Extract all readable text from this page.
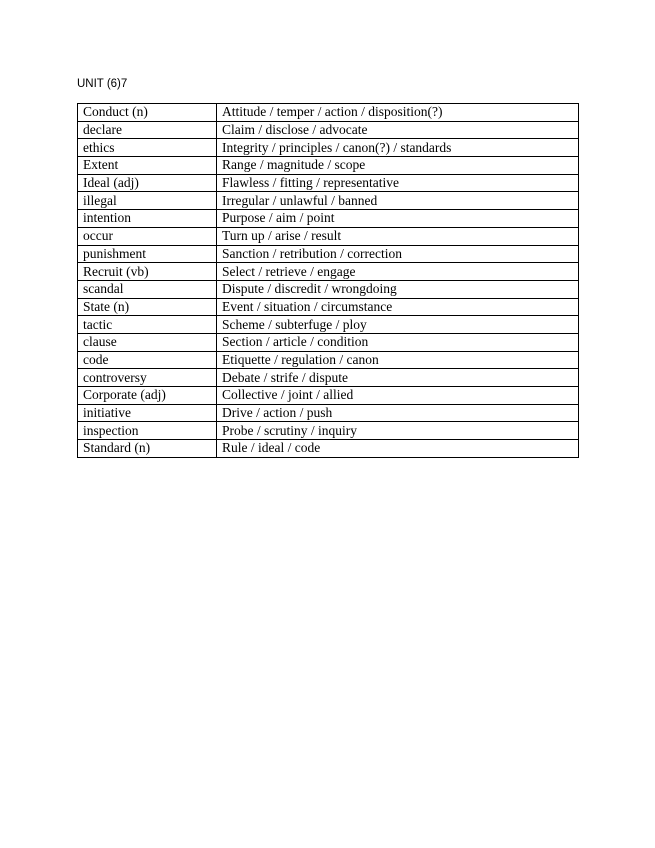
UNIT (6)7
Conduct (n)	Attitude / temper / action / disposition(?)
declare	Claim / disclose / advocate
ethics	Integrity / principles / canon(?) / standards
Extent	Range / magnitude / scope
Ideal (adj)	Flawless / fitting / representative
illegal	Irregular / unlawful / banned
intention	Purpose / aim / point
occur	Turn up / arise / result
punishment	Sanction / retribution / correction
Recruit (vb)	Select / retrieve / engage
scandal	Dispute / discredit / wrongdoing
State (n)	Event / situation / circumstance
tactic	Scheme / subterfuge / ploy
clause	Section / article / condition
code	Etiquette / regulation / canon
controversy	Debate / strife / dispute
Corporate (adj)	Collective / joint / allied
initiative	Drive / action / push
inspection	Probe / scrutiny / inquiry
Standard (n)	Rule / ideal / code
